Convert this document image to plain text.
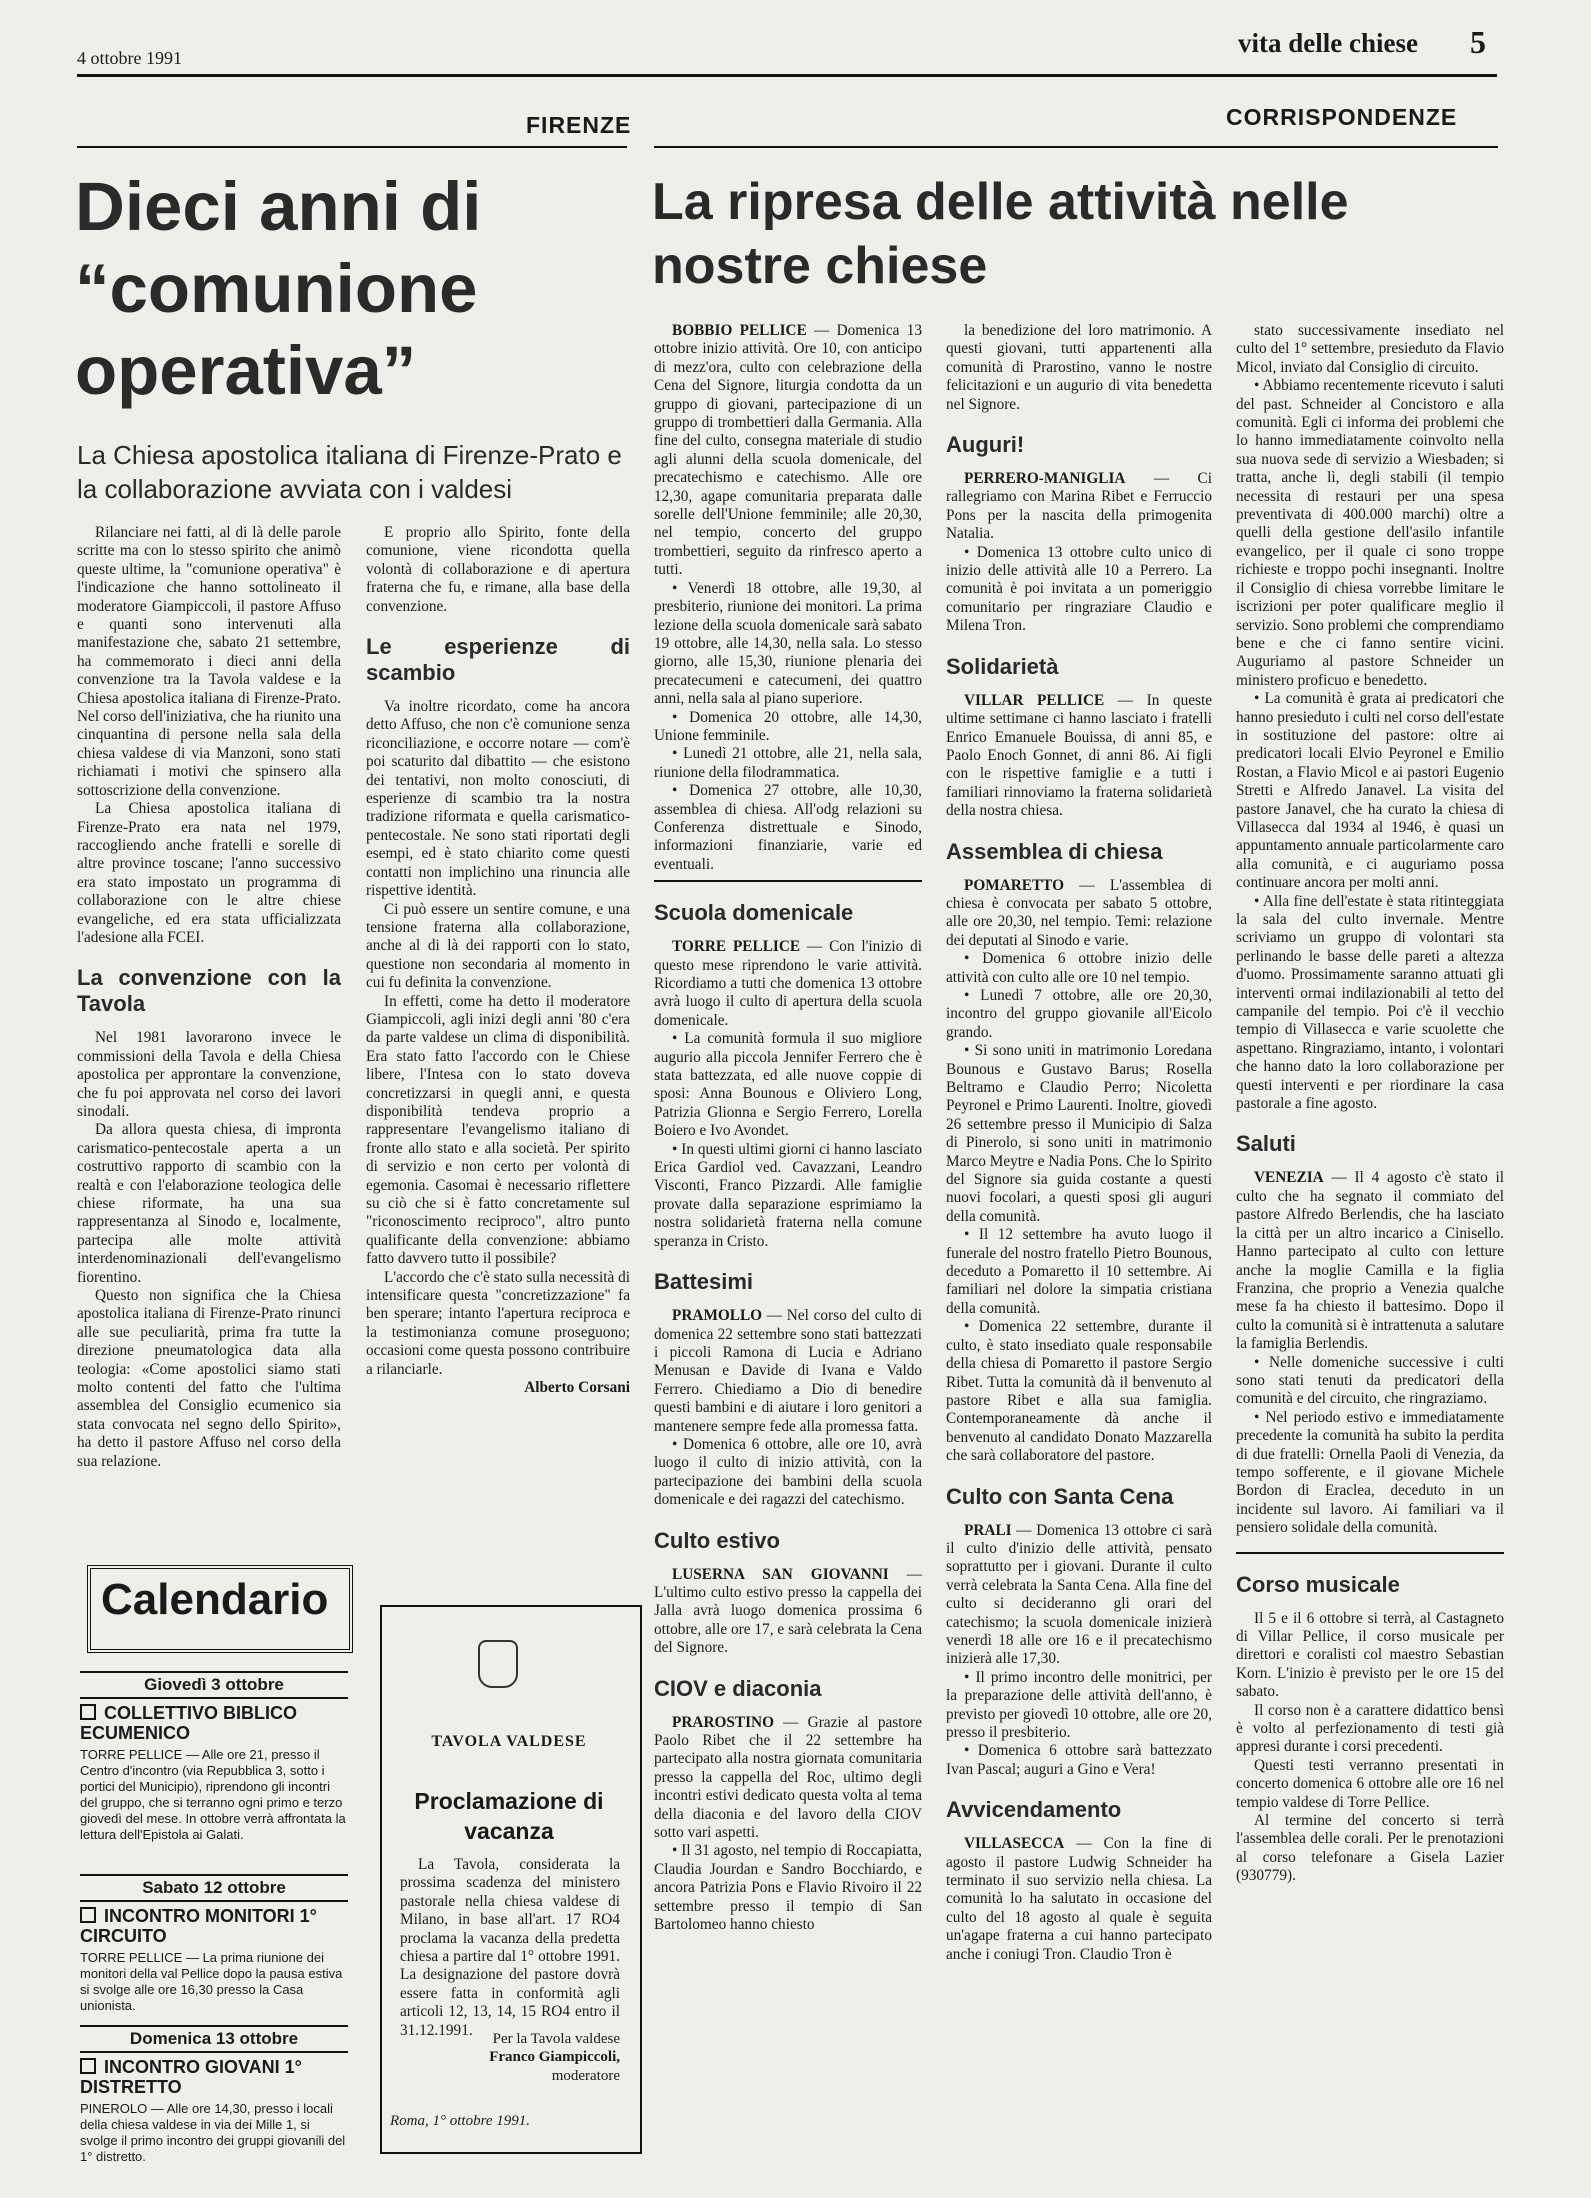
4 ottobre 1991	vita delle chiese 5
FIRENZE	CORRISPONDENZE
Dieci anni di “comunione operativa”
La Chiesa apostolica italiana di Firenze-Prato e la collaborazione avviata con i valdesi

Rilanciare nei fatti, al di là delle parole scritte ma con lo stesso spirito che animò queste ultime, la "comunione operativa" è l'indicazione che hanno sottolineato il moderatore Giampiccoli, il pastore Affuso e quanti sono intervenuti alla manifestazione che, sabato 21 settembre, ha commemorato i dieci anni della convenzione tra la Tavola valdese e la Chiesa apostolica italiana di Firenze-Prato. Nel corso dell'iniziativa, che ha riunito una cinquantina di persone nella sala della chiesa valdese di via Manzoni, sono stati richiamati i motivi che spinsero alla sottoscrizione della convenzione.

La Chiesa apostolica italiana di Firenze-Prato era nata nel 1979, raccogliendo anche fratelli e sorelle di altre province toscane; l'anno successivo era stato impostato un programma di collaborazione con le altre chiese evangeliche, ed era stata ufficializzata l'adesione alla FCEI.

La convenzione con la Tavola

Nel 1981 lavorarono invece le commissioni della Tavola e della Chiesa apostolica per approntare la convenzione, che fu poi approvata nel corso dei lavori sinodali.

Da allora questa chiesa, di impronta carismatico-pentecostale aperta a un costruttivo rapporto di scambio con la realtà e con l'elaborazione teologica delle chiese riformate, ha una sua rappresentanza al Sinodo e, localmente, partecipa alle molte attività interdenominazionali dell'evangelismo fiorentino.

Questo non significa che la Chiesa apostolica italiana di Firenze-Prato rinunci alle sue peculiarità, prima fra tutte la direzione pneumatologica data alla teologia: «Come apostolici siamo stati molto contenti del fatto che l'ultima assemblea del Consiglio ecumenico sia stata convocata nel segno dello Spirito», ha detto il pastore Affuso nel corso della sua relazione.

E proprio allo Spirito, fonte della comunione, viene ricondotta quella volontà di collaborazione e di apertura fraterna che fu, e rimane, alla base della convenzione.

Le esperienze di scambio

Va inoltre ricordato, come ha ancora detto Affuso, che non c'è comunione senza riconciliazione, e occorre notare — com'è poi scaturito dal dibattito — che esistono dei tentativi, non molto conosciuti, di esperienze di scambio tra la nostra tradizione riformata e quella carismatico-pentecostale. Ne sono stati riportati degli esempi, ed è stato chiarito come questi contatti non implichino una rinuncia alle rispettive identità.

Ci può essere un sentire comune, e una tensione fraterna alla collaborazione, anche al di là dei rapporti con lo stato, questione non secondaria al momento in cui fu definita la convenzione.

In effetti, come ha detto il moderatore Giampiccoli, agli inizi degli anni '80 c'era da parte valdese un clima di disponibilità. Era stato fatto l'accordo con le Chiese libere, l'Intesa con lo stato doveva concretizzarsi in quegli anni, e questa disponibilità tendeva proprio a rappresentare l'evangelismo italiano di fronte allo stato e alla società. Per spirito di servizio e non certo per volontà di egemonia. Casomai è necessario riflettere su ciò che si è fatto concretamente sul "riconoscimento reciproco", altro punto qualificante della convenzione: abbiamo fatto davvero tutto il possibile?

L'accordo che c'è stato sulla necessità di intensificare questa "concretizzazione" fa ben sperare; intanto l'apertura reciproca e la testimonianza comune proseguono; occasioni come questa possono contribuire a rilanciarle.

Alberto Corsani
Calendario
Giovedì 3 ottobre
COLLETTIVO BIBLICO ECUMENICO
TORRE PELLICE — Alle ore 21, presso il Centro d'incontro (via Repubblica 3, sotto i portici del Municipio), riprendono gli incontri del gruppo, che si terranno ogni primo e terzo giovedì del mese. In ottobre verrà affrontata la lettura dell'Epistola ai Galati.
Sabato 12 ottobre
INCONTRO MONITORI 1° CIRCUITO
TORRE PELLICE — La prima riunione dei monitori della val Pellice dopo la pausa estiva si svolge alle ore 16,30 presso la Casa unionista.
Domenica 13 ottobre
INCONTRO GIOVANI 1° DISTRETTO
PINEROLO — Alle ore 14,30, presso i locali della chiesa valdese in via dei Mille 1, si svolge il primo incontro dei gruppi giovanili del 1° distretto.
TAVOLA VALDESE
Proclamazione di vacanza
La Tavola, considerata la prossima scadenza del ministero pastorale nella chiesa valdese di Milano, in base all'art. 17 RO4 proclama la vacanza della predetta chiesa a partire dal 1° ottobre 1991. La designazione del pastore dovrà essere fatta in conformità agli articoli 12, 13, 14, 15 RO4 entro il 31.12.1991.
Per la Tavola valdese
Franco Giampiccoli,
moderatore
Roma, 1° ottobre 1991.
La ripresa delle attività nelle nostre chiese

BOBBIO PELLICE — Domenica 13 ottobre inizio attività. Ore 10, con anticipo di mezz'ora, culto con celebrazione della Cena del Signore, liturgia condotta da un gruppo di giovani, partecipazione di un gruppo di trombettieri dalla Germania. Alla fine del culto, consegna materiale di studio agli alunni della scuola domenicale, del precatechismo e catechismo. Alle ore 12,30, agape comunitaria preparata dalle sorelle dell'Unione femminile; alle 20,30, nel tempio, concerto del gruppo trombettieri, seguito da rinfresco aperto a tutti.

• Venerdì 18 ottobre, alle 19,30, al presbiterio, riunione dei monitori. La prima lezione della scuola domenicale sarà sabato 19 ottobre, alle 14,30, nella sala. Lo stesso giorno, alle 15,30, riunione plenaria dei precatecumeni e catecumeni, dei quattro anni, nella sala al piano superiore.

• Domenica 20 ottobre, alle 14,30, Unione femminile.

• Lunedì 21 ottobre, alle 21, nella sala, riunione della filodrammatica.

• Domenica 27 ottobre, alle 10,30, assemblea di chiesa. All'odg relazioni su Conferenza distrettuale e Sinodo, informazioni finanziarie, varie ed eventuali.

Scuola domenicale

TORRE PELLICE — Con l'inizio di questo mese riprendono le varie attività. Ricordiamo a tutti che domenica 13 ottobre avrà luogo il culto di apertura della scuola domenicale.

• La comunità formula il suo migliore augurio alla piccola Jennifer Ferrero che è stata battezzata, ed alle nuove coppie di sposi: Anna Bounous e Oliviero Long, Patrizia Glionna e Sergio Ferrero, Lorella Boiero e Ivo Avondet.

• In questi ultimi giorni ci hanno lasciato Erica Gardiol ved. Cavazzani, Leandro Visconti, Franco Pizzardi. Alle famiglie provate dalla separazione esprimiamo la nostra solidarietà fraterna nella comune speranza in Cristo.

Battesimi

PRAMOLLO — Nel corso del culto di domenica 22 settembre sono stati battezzati i piccoli Ramona di Lucia e Adriano Menusan e Davide di Ivana e Valdo Ferrero. Chiediamo a Dio di benedire questi bambini e di aiutare i loro genitori a mantenere sempre fede alla promessa fatta.

• Domenica 6 ottobre, alle ore 10, avrà luogo il culto di inizio attività, con la partecipazione dei bambini della scuola domenicale e dei ragazzi del catechismo.

Culto estivo

LUSERNA SAN GIOVANNI — L'ultimo culto estivo presso la cappella dei Jalla avrà luogo domenica prossima 6 ottobre, alle ore 17, e sarà celebrata la Cena del Signore.

CIOV e diaconia

PRAROSTINO — Grazie al pastore Paolo Ribet che il 22 settembre ha partecipato alla nostra giornata comunitaria presso la cappella del Roc, ultimo degli incontri estivi dedicato questa volta al tema della diaconia e del lavoro della CIOV sotto vari aspetti.

• Il 31 agosto, nel tempio di Roccapiatta, Claudia Jourdan e Sandro Bocchiardo, e ancora Patrizia Pons e Flavio Rivoiro il 22 settembre presso il tempio di San Bartolomeo hanno chiesto

la benedizione del loro matrimonio. A questi giovani, tutti appartenenti alla comunità di Prarostino, vanno le nostre felicitazioni e un augurio di vita benedetta nel Signore.

Auguri!

PERRERO-MANIGLIA — Ci rallegriamo con Marina Ribet e Ferruccio Pons per la nascita della primogenita Natalia.

• Domenica 13 ottobre culto unico di inizio delle attività alle 10 a Perrero. La comunità è poi invitata a un pomeriggio comunitario per ringraziare Claudio e Milena Tron.

Solidarietà

VILLAR PELLICE — In queste ultime settimane ci hanno lasciato i fratelli Enrico Emanuele Bouissa, di anni 85, e Paolo Enoch Gonnet, di anni 86. Ai figli con le rispettive famiglie e a tutti i familiari rinnoviamo la fraterna solidarietà della nostra chiesa.

Assemblea di chiesa

POMARETTO — L'assemblea di chiesa è convocata per sabato 5 ottobre, alle ore 20,30, nel tempio. Temi: relazione dei deputati al Sinodo e varie.

• Domenica 6 ottobre inizio delle attività con culto alle ore 10 nel tempio.

• Lunedì 7 ottobre, alle ore 20,30, incontro del gruppo giovanile all'Eicolo grando.

• Si sono uniti in matrimonio Loredana Bounous e Gustavo Barus; Rosella Beltramo e Claudio Perro; Nicoletta Peyronel e Primo Laurenti. Inoltre, giovedì 26 settembre presso il Municipio di Salza di Pinerolo, si sono uniti in matrimonio Marco Meytre e Nadia Pons. Che lo Spirito del Signore sia guida costante a questi nuovi focolari, a questi sposi gli auguri della comunità.

• Il 12 settembre ha avuto luogo il funerale del nostro fratello Pietro Bounous, deceduto a Pomaretto il 10 settembre. Ai familiari nel dolore la simpatia cristiana della comunità.

• Domenica 22 settembre, durante il culto, è stato insediato quale responsabile della chiesa di Pomaretto il pastore Sergio Ribet. Tutta la comunità dà il benvenuto al pastore Ribet e alla sua famiglia. Contemporaneamente dà anche il benvenuto al candidato Donato Mazzarella che sarà collaboratore del pastore.

Culto con Santa Cena

PRALI — Domenica 13 ottobre ci sarà il culto d'inizio delle attività, pensato soprattutto per i giovani. Durante il culto verrà celebrata la Santa Cena. Alla fine del culto si decideranno gli orari del catechismo; la scuola domenicale inizierà venerdì 18 alle ore 16 e il precatechismo inizierà alle 17,30.

• Il primo incontro delle monitrici, per la preparazione delle attività dell'anno, è previsto per giovedì 10 ottobre, alle ore 20, presso il presbiterio.

• Domenica 6 ottobre sarà battezzato Ivan Pascal; auguri a Gino e Vera!

Avvicendamento

VILLASECCA — Con la fine di agosto il pastore Ludwig Schneider ha terminato il suo servizio nella chiesa. La comunità lo ha salutato in occasione del culto del 18 agosto al quale è seguita un'agape fraterna a cui hanno partecipato anche i coniugi Tron. Claudio Tron è

stato successivamente insediato nel culto del 1° settembre, presieduto da Flavio Micol, inviato dal Consiglio di circuito.

• Abbiamo recentemente ricevuto i saluti del past. Schneider al Concistoro e alla comunità. Egli ci informa dei problemi che lo hanno immediatamente coinvolto nella sua nuova sede di servizio a Wiesbaden; si tratta, anche lì, degli stabili (il tempio necessita di restauri per una spesa preventivata di 400.000 marchi) oltre a quelli della gestione dell'asilo infantile evangelico, per il quale ci sono troppe richieste e troppo pochi insegnanti. Inoltre il Consiglio di chiesa vorrebbe limitare le iscrizioni per poter qualificare meglio il servizio. Sono problemi che comprendiamo bene e che ci fanno sentire vicini. Auguriamo al pastore Schneider un ministero proficuo e benedetto.

• La comunità è grata ai predicatori che hanno presieduto i culti nel corso dell'estate in sostituzione del pastore: oltre ai predicatori locali Elvio Peyronel e Emilio Rostan, a Flavio Micol e ai pastori Eugenio Stretti e Alfredo Janavel. La visita del pastore Janavel, che ha curato la chiesa di Villasecca dal 1934 al 1946, è quasi un appuntamento annuale particolarmente caro alla comunità, e ci auguriamo possa continuare ancora per molti anni.

• Alla fine dell'estate è stata ritinteggiata la sala del culto invernale. Mentre scriviamo un gruppo di volontari sta perlinando le basse delle pareti a altezza d'uomo. Prossimamente saranno attuati gli interventi ormai indilazionabili al tetto del campanile del tempio. Poi c'è il vecchio tempio di Villasecca e varie scuolette che aspettano. Ringraziamo, intanto, i volontari che hanno dato la loro collaborazione per questi interventi e per riordinare la casa pastorale a fine agosto.

Saluti

VENEZIA — Il 4 agosto c'è stato il culto che ha segnato il commiato del pastore Alfredo Berlendis, che ha lasciato la città per un altro incarico a Cinisello. Hanno partecipato al culto con letture anche la moglie Camilla e la figlia Franzina, che proprio a Venezia qualche mese fa ha chiesto il battesimo. Dopo il culto la comunità si è intrattenuta a salutare la famiglia Berlendis.

• Nelle domeniche successive i culti sono stati tenuti da predicatori della comunità e del circuito, che ringraziamo.

• Nel periodo estivo e immediatamente precedente la comunità ha subito la perdita di due fratelli: Ornella Paoli di Venezia, da tempo sofferente, e il giovane Michele Bordon di Eraclea, deceduto in un incidente sul lavoro. Ai familiari va il pensiero solidale della comunità.

Corso musicale

Il 5 e il 6 ottobre si terrà, al Castagneto di Villar Pellice, il corso musicale per direttori e coralisti col maestro Sebastian Korn. L'inizio è previsto per le ore 15 del sabato.

Il corso non è a carattere didattico bensì è volto al perfezionamento di testi già appresi durante i corsi precedenti.

Questi testi verranno presentati in concerto domenica 6 ottobre alle ore 16 nel tempio valdese di Torre Pellice.

Al termine del concerto si terrà l'assemblea delle corali. Per le prenotazioni al corso telefonare a Gisela Lazier (930779).
